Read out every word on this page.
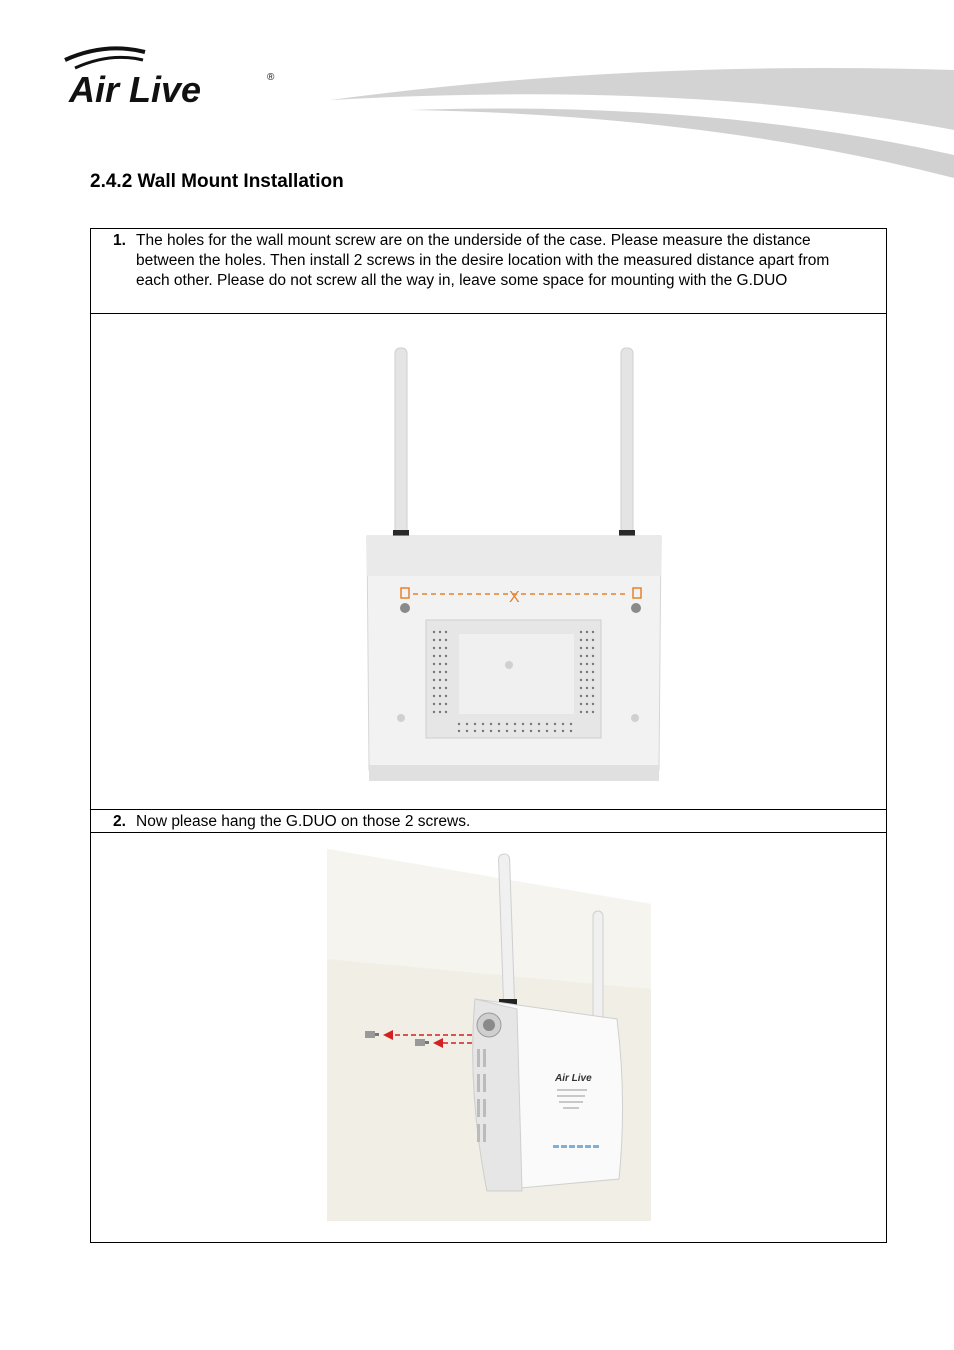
Air Live	®
2.4.2 Wall Mount Installation
1. The holes for the wall mount screw are on the underside of the case. Please measure the distance between the holes. Then install 2 screws in the desire location with the measured distance apart from each other. Please do not screw all the way in, leave some space for mounting with the G.DUO
X
2. Now please hang the G.DUO on those 2 screws.
Air Live
